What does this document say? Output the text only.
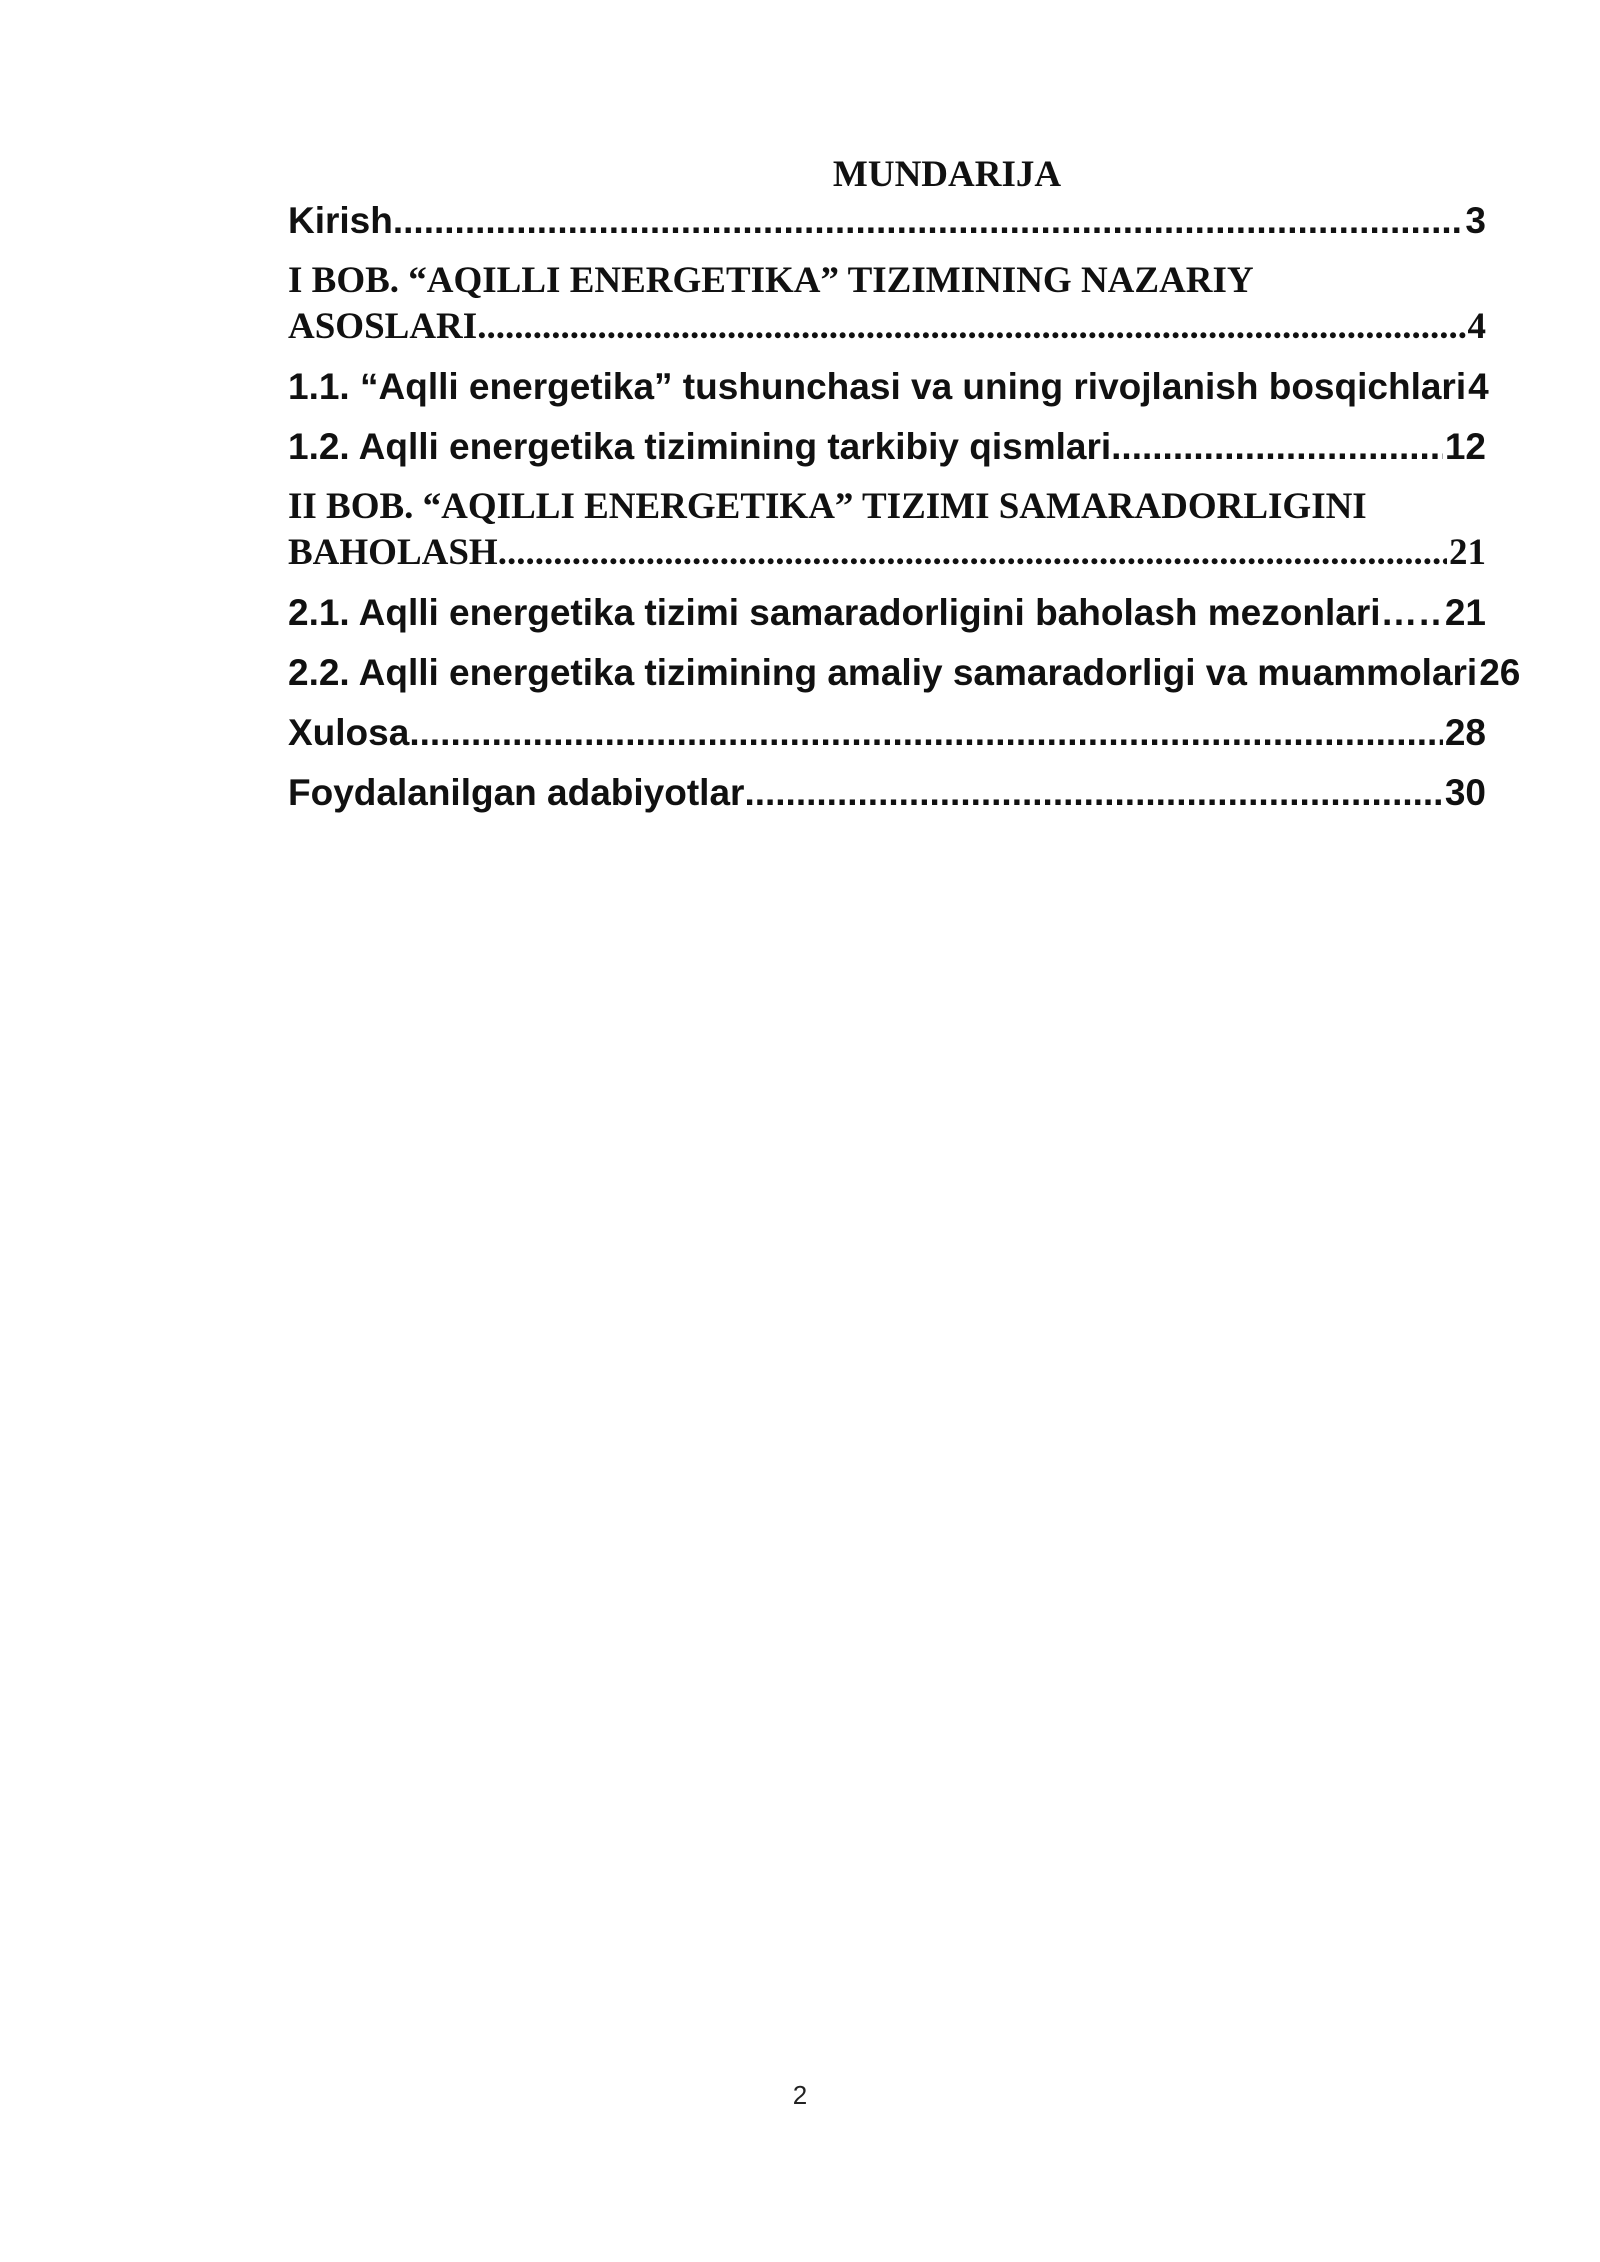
MUNDARIJA
Kirish .....	3
I BOB. “AQILLI ENERGETIKA” TIZIMINING NAZARIY
ASOSLARI .....	4
1.1. “Aqlli energetika” tushunchasi va uning rivojlanish bosqichlari 4
1.2. Aqlli energetika tizimining tarkibiy qismlari .....	12
II BOB. “AQILLI ENERGETIKA” TIZIMI SAMARADORLIGINI
BAHOLASH .....	21
2.1. Aqlli energetika tizimi samaradorligini baholash mezonlari …………………………………………………………………………………………………… 21
2.2. Aqlli energetika tizimining amaliy samaradorligi va muammolari 26
Xulosa .....	28
Foydalanilgan adabiyotlar .....	30
2
